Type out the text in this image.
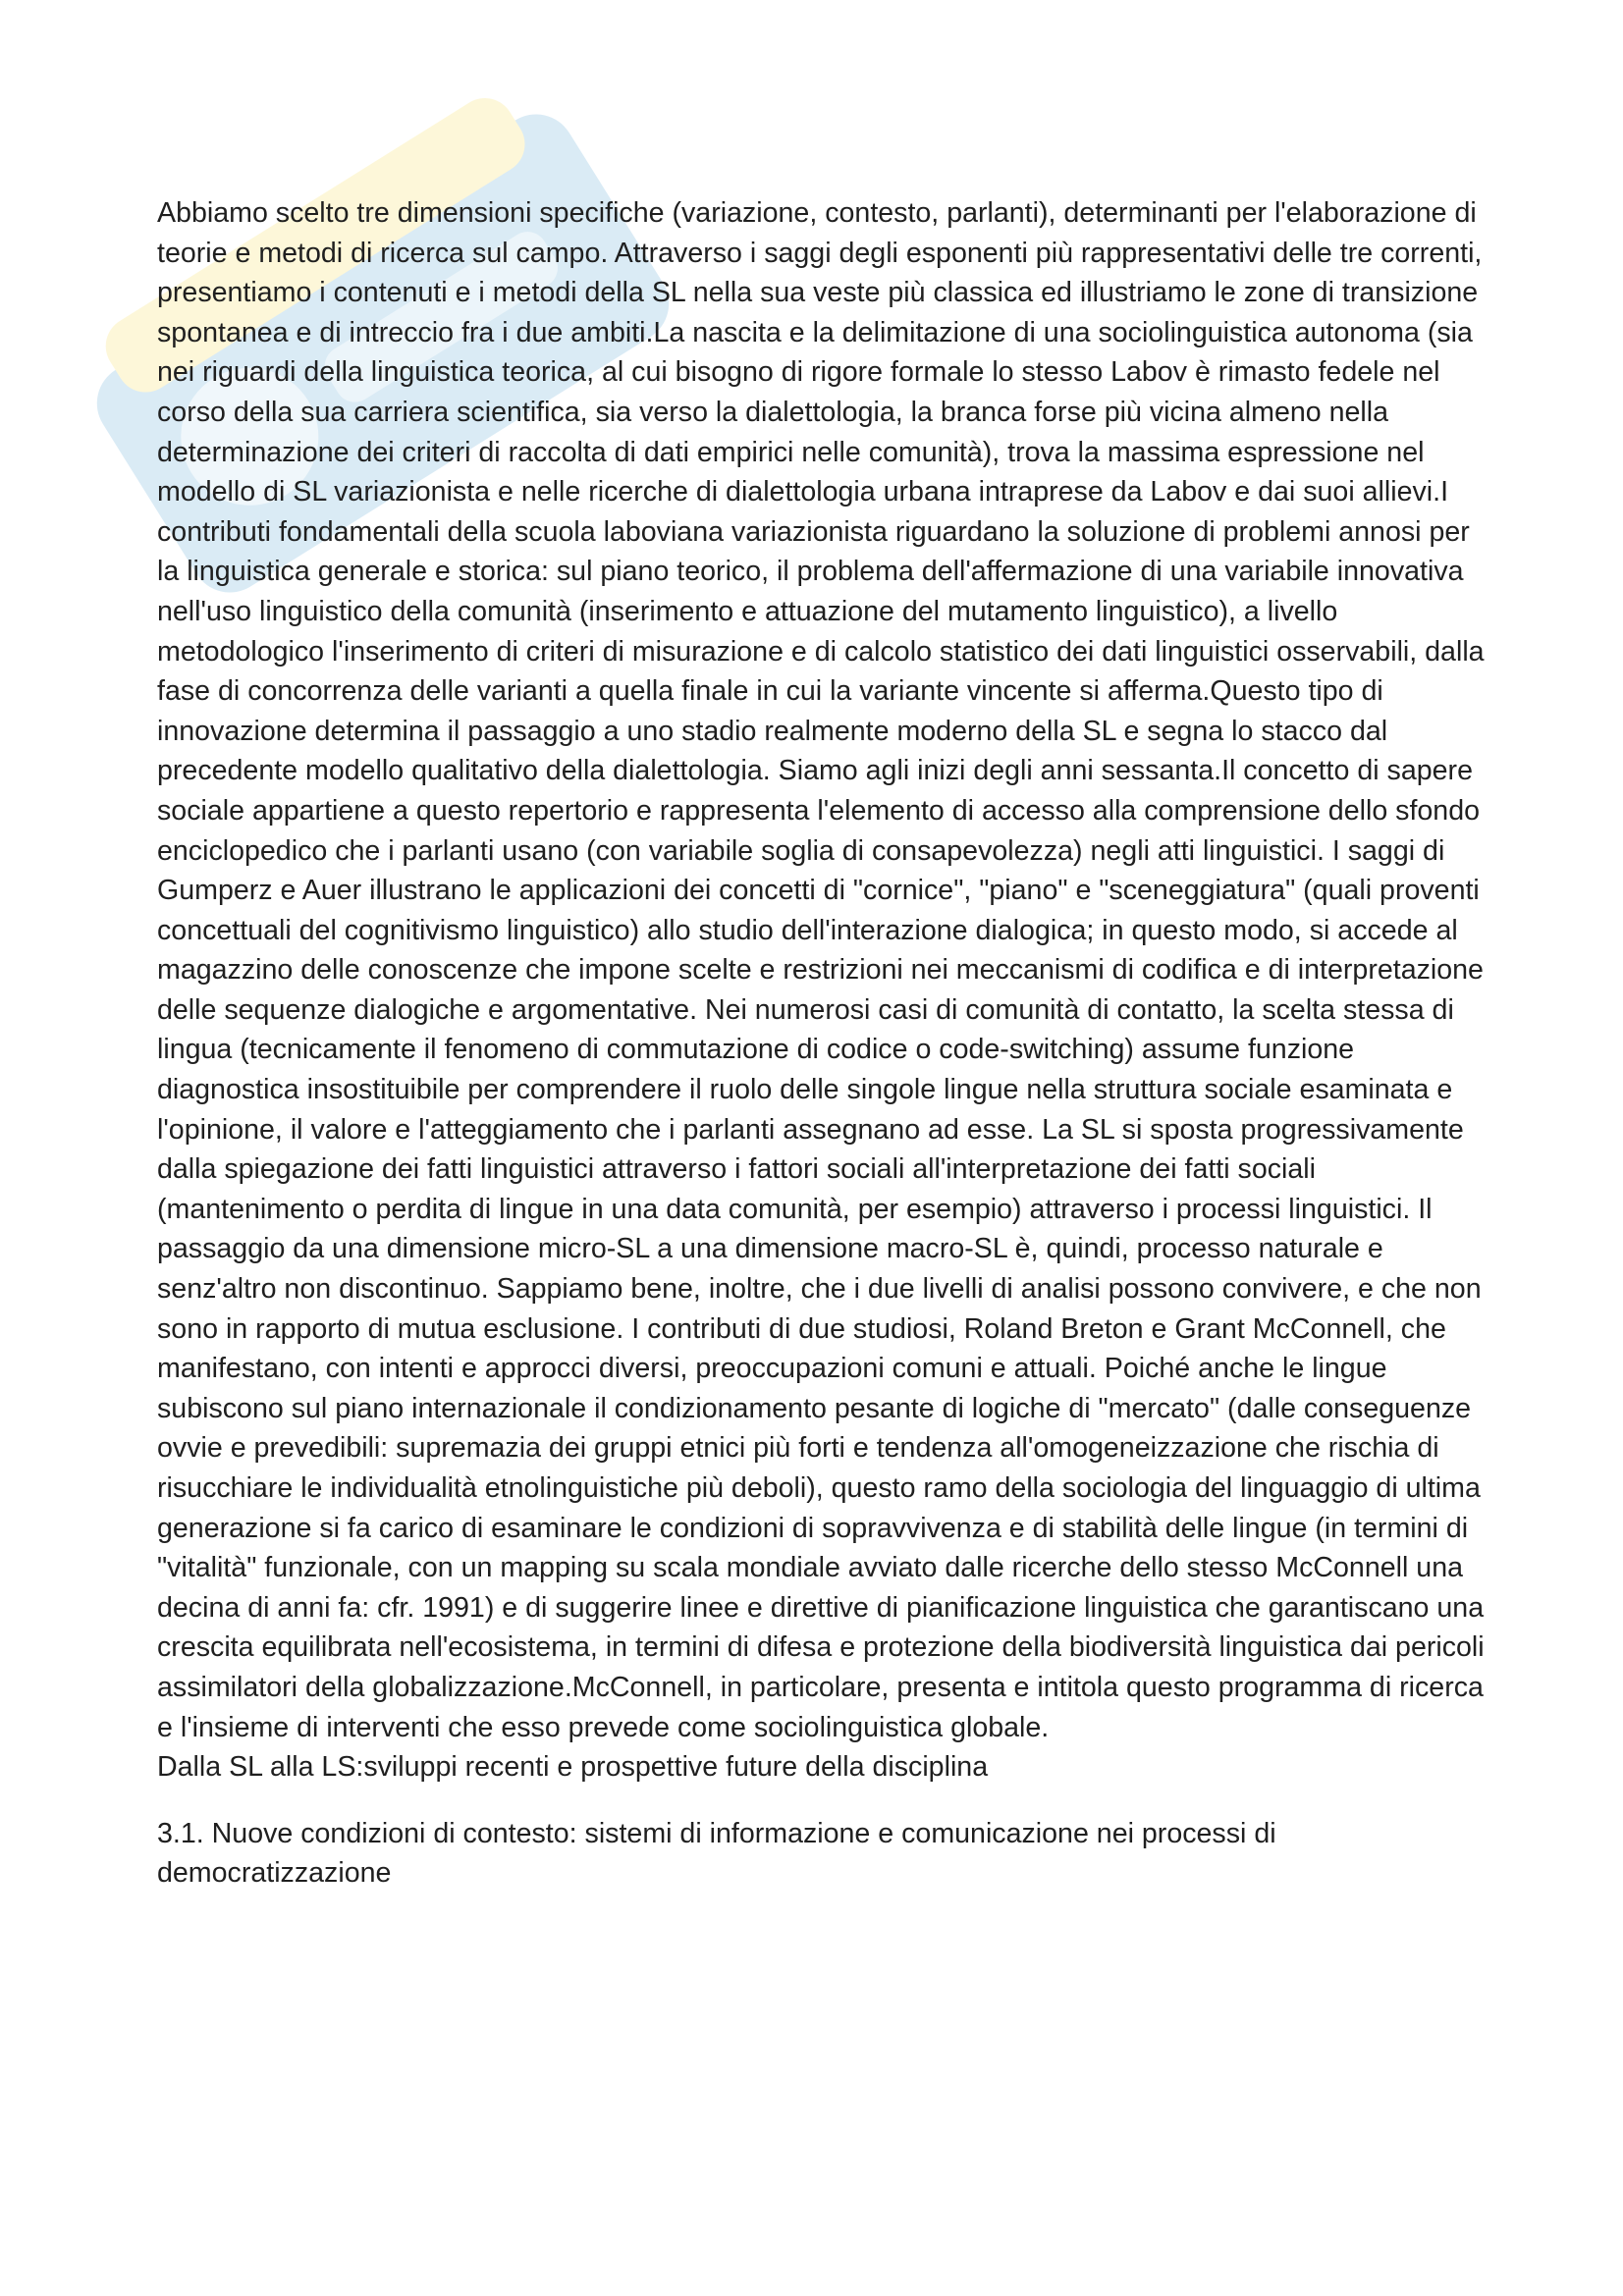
Abbiamo scelto tre dimensioni specifiche (variazione, contesto, parlanti), determinanti per l'elaborazione di teorie e metodi di ricerca sul campo. Attraverso i saggi degli esponenti più rappresentativi delle tre correnti, presentiamo i contenuti e i metodi della SL nella sua veste più classica ed illustriamo le zone di transizione spontanea e di intreccio fra i due ambiti.La nascita e la delimitazione di una sociolinguistica autonoma (sia nei riguardi della linguistica teorica, al cui bisogno di rigore formale lo stesso Labov è rimasto fedele nel corso della sua carriera scientifica, sia verso la dialettologia, la branca forse più vicina almeno nella determinazione dei criteri di raccolta di dati empirici nelle comunità), trova la massima espressione nel modello di SL variazionista e nelle ricerche di dialettologia urbana intraprese da Labov e dai suoi allievi.I contributi fondamentali della scuola laboviana variazionista riguardano la soluzione di problemi annosi per la linguistica generale e storica: sul piano teorico, il problema dell'affermazione di una variabile innovativa nell'uso linguistico della comunità (inserimento e attuazione del mutamento linguistico), a livello metodologico l'inserimento di criteri di misurazione e di calcolo statistico dei dati linguistici osservabili, dalla fase di concorrenza delle varianti a quella finale in cui la variante vincente si afferma.Questo tipo di innovazione determina il passaggio a uno stadio realmente moderno della SL e segna lo stacco dal precedente modello qualitativo della dialettologia. Siamo agli inizi degli anni sessanta.Il concetto di sapere sociale appartiene a questo repertorio e rappresenta l'elemento di accesso alla comprensione dello sfondo enciclopedico che i parlanti usano (con variabile soglia di consapevolezza) negli atti linguistici. I saggi di Gumperz e Auer illustrano le applicazioni dei concetti di "cornice", "piano" e "sceneggiatura" (quali proventi concettuali del cognitivismo linguistico) allo studio dell'interazione dialogica; in questo modo, si accede al magazzino delle conoscenze che impone scelte e restrizioni nei meccanismi di codifica e di interpretazione delle sequenze dialogiche e argomentative. Nei numerosi casi di comunità di contatto, la scelta stessa di lingua (tecnicamente il fenomeno di commutazione di codice o code-switching) assume funzione diagnostica insostituibile per comprendere il ruolo delle singole lingue nella struttura sociale esaminata e l'opinione, il valore e l'atteggiamento che i parlanti assegnano ad esse. La SL si sposta progressivamente dalla spiegazione dei fatti linguistici attraverso i fattori sociali all'interpretazione dei fatti sociali (mantenimento o perdita di lingue in una data comunità, per esempio) attraverso i processi linguistici. Il passaggio da una dimensione micro-SL a una dimensione macro-SL è, quindi, processo naturale e senz'altro non discontinuo. Sappiamo bene, inoltre, che i due livelli di analisi possono convivere, e che non sono in rapporto di mutua esclusione. I contributi di due studiosi, Roland Breton e Grant McConnell, che manifestano, con intenti e approcci diversi, preoccupazioni comuni e attuali. Poiché anche le lingue subiscono sul piano internazionale il condizionamento pesante di logiche di "mercato" (dalle conseguenze ovvie e prevedibili: supremazia dei gruppi etnici più forti e tendenza all'omogeneizzazione che rischia di risucchiare le individualità etnolinguistiche più deboli), questo ramo della sociologia del linguaggio di ultima generazione si fa carico di esaminare le condizioni di sopravvivenza e di stabilità delle lingue (in termini di "vitalità" funzionale, con un mapping su scala mondiale avviato dalle ricerche dello stesso McConnell una decina di anni fa: cfr. 1991) e di suggerire linee e direttive di pianificazione linguistica che garantiscano una crescita equilibrata nell'ecosistema, in termini di difesa e protezione della biodiversità linguistica dai pericoli assimilatori della globalizzazione.McConnell, in particolare, presenta e intitola questo programma di ricerca e l'insieme di interventi che esso prevede come sociolinguistica globale.

Dalla SL alla LS:sviluppi recenti e prospettive future della disciplina

3.1. Nuove condizioni di contesto: sistemi di informazione e comunicazione nei processi di democratizzazione
